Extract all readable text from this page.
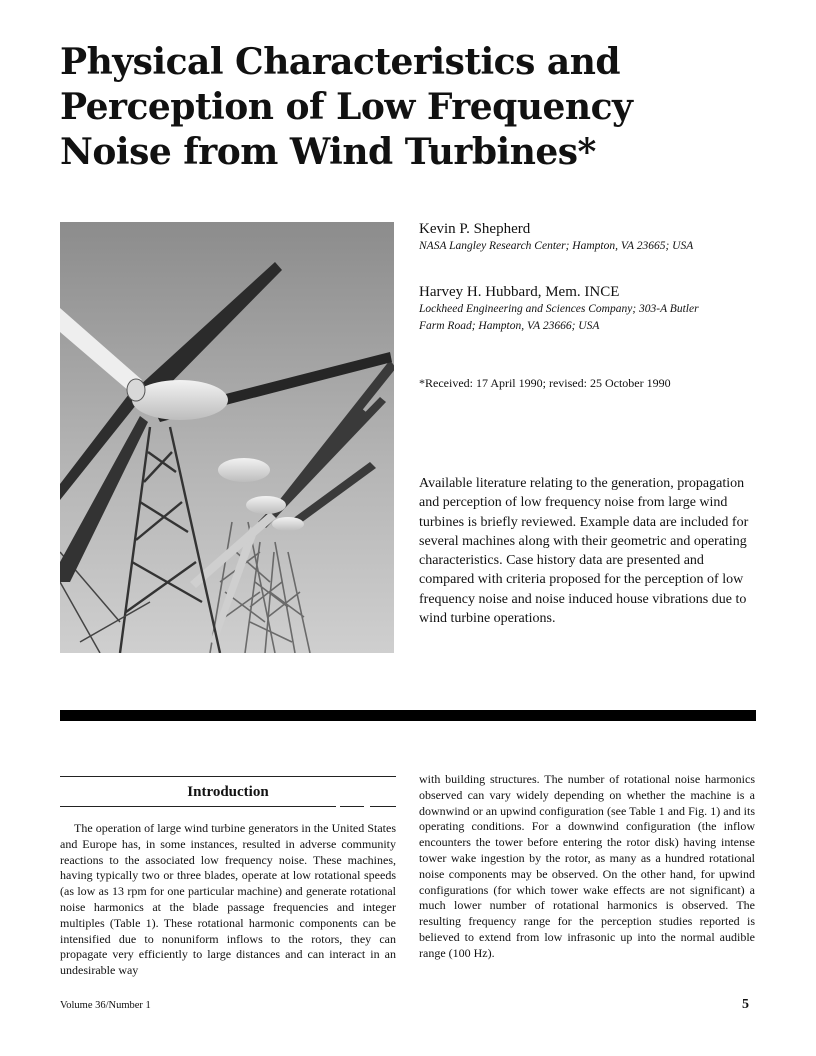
Physical Characteristics and
Perception of Low Frequency
Noise from Wind Turbines*

Kevin P. Shepherd

NASA Langley Research Center; Hampton, VA 23665; USA

Harvey H. Hubbard, Mem. INCE

Lockheed Engineering and Sciences Company; 303-A Butler

Farm Road; Hampton, VA 23666; USA

*Received: 17 April 1990; revised: 25 October 1990

Available literature relating to the generation, propagation and perception of low frequency noise from large wind turbines is briefly reviewed. Example data are included for several machines along with their geometric and operating characteristics. Case history data are presented and compared with criteria proposed for the perception of low frequency noise and noise induced house vibrations due to wind turbine operations.

Introduction

The operation of large wind turbine generators in the United States and Europe has, in some instances, resulted in adverse community reactions to the associated low frequency noise. These machines, having typically two or three blades, operate at low rotational speeds (as low as 13 rpm for one particular machine) and generate rotational noise harmonics at the blade passage frequencies and integer multiples (Table 1). These rotational harmonic components can be intensified due to nonuniform inflows to the rotors, they can propagate very efficiently to large distances and can interact in an undesirable way

with building structures. The number of rotational noise harmonics observed can vary widely depending on whether the machine is a downwind or an upwind configuration (see Table 1 and Fig. 1) and its operating conditions. For a downwind configuration (the inflow encounters the tower before entering the rotor disk) having intense tower wake ingestion by the rotor, as many as a hundred rotational noise components may be observed. On the other hand, for upwind configurations (for which tower wake effects are not significant) a much lower number of rotational harmonics is observed. The resulting frequency range for the perception studies reported is believed to extend from low infrasonic up into the normal audible range (100 Hz).

Volume 36/Number 1	5
